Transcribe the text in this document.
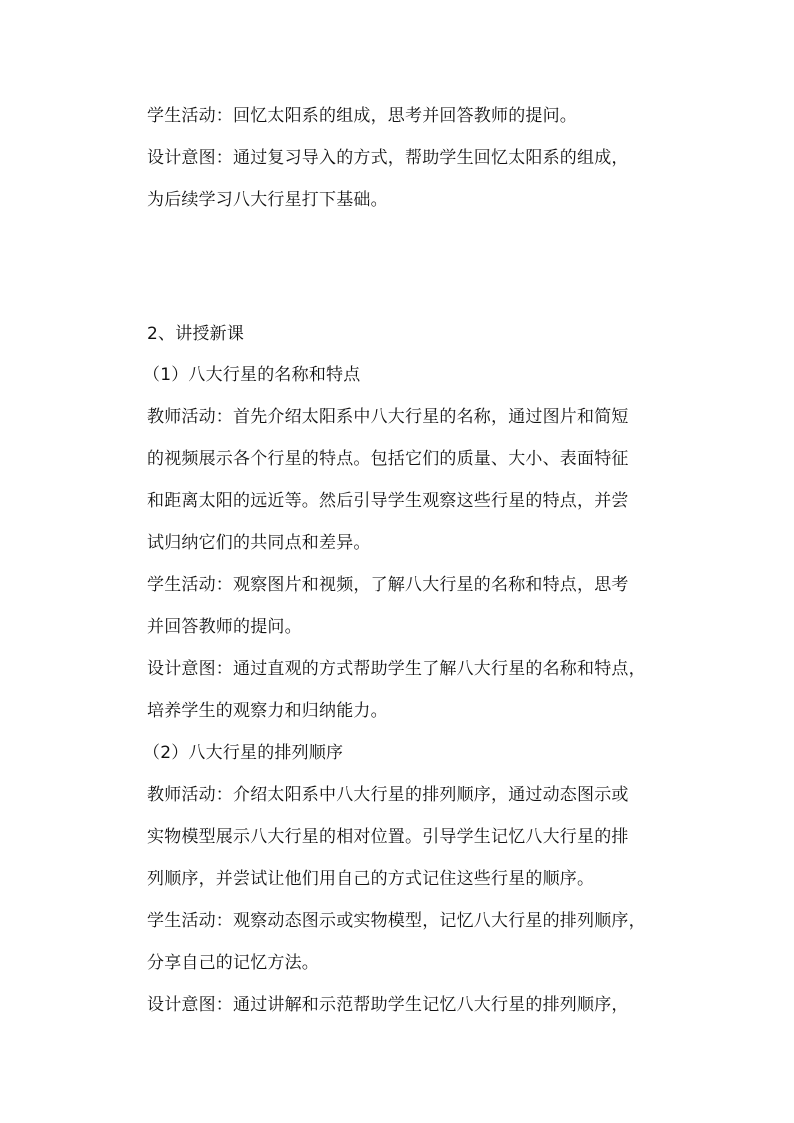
学生活动：回忆太阳系的组成，思考并回答教师的提问。
设计意图：通过复习导入的方式，帮助学生回忆太阳系的组成，
为后续学习八大行星打下基础。
2、讲授新课
（1）八大行星的名称和特点
教师活动：首先介绍太阳系中八大行星的名称，通过图片和简短
的视频展示各个行星的特点。包括它们的质量、大小、表面特征
和距离太阳的远近等。然后引导学生观察这些行星的特点，并尝
试归纳它们的共同点和差异。
学生活动：观察图片和视频，了解八大行星的名称和特点，思考
并回答教师的提问。
设计意图：通过直观的方式帮助学生了解八大行星的名称和特点，
培养学生的观察力和归纳能力。
（2）八大行星的排列顺序
教师活动：介绍太阳系中八大行星的排列顺序，通过动态图示或
实物模型展示八大行星的相对位置。引导学生记忆八大行星的排
列顺序，并尝试让他们用自己的方式记住这些行星的顺序。
学生活动：观察动态图示或实物模型，记忆八大行星的排列顺序，
分享自己的记忆方法。
设计意图：通过讲解和示范帮助学生记忆八大行星的排列顺序，
